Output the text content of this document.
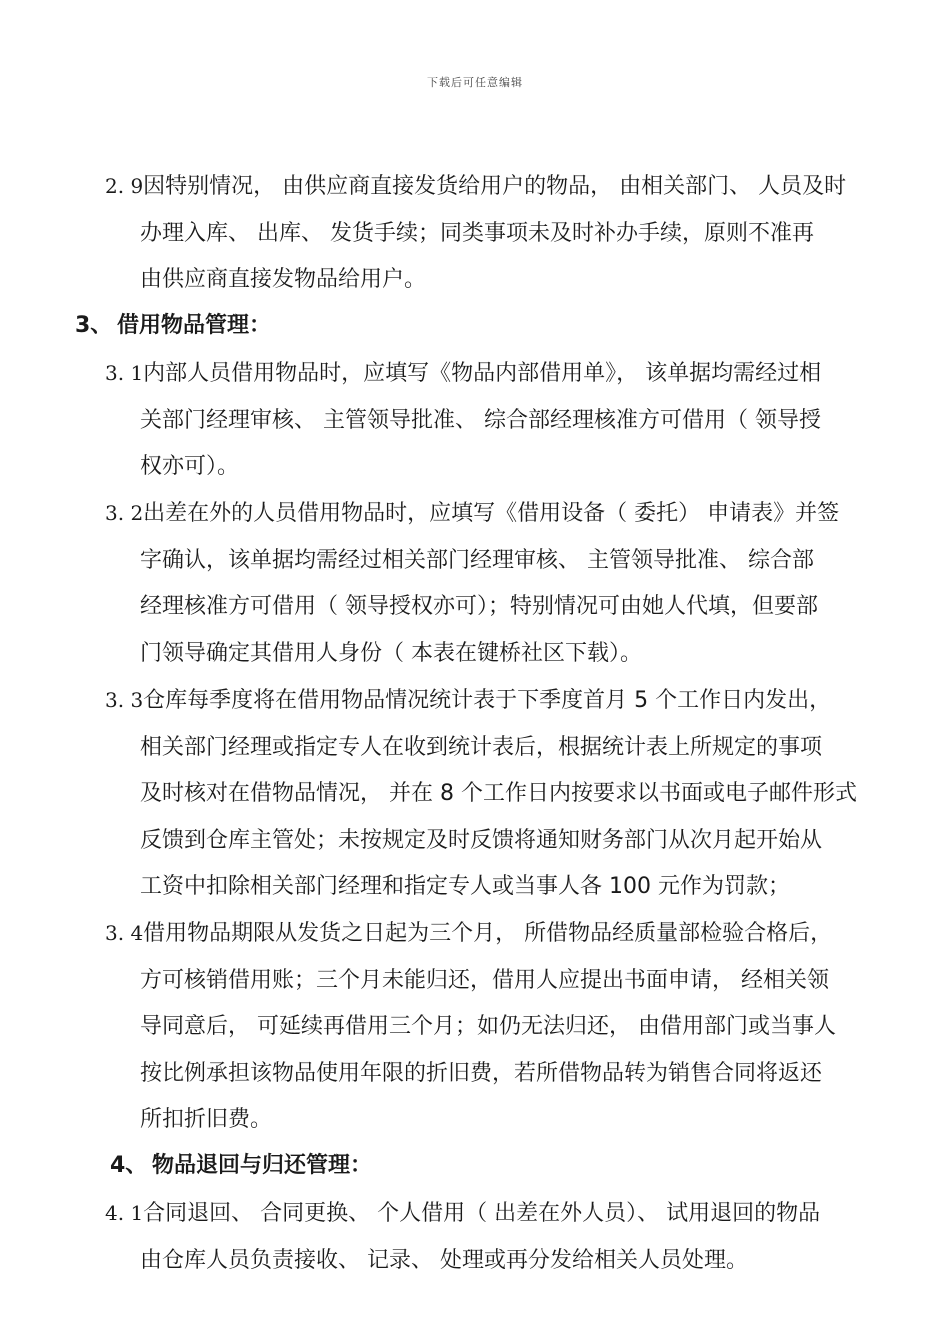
下载后可任意编辑
2. 9因特别情况， 由供应商直接发货给用户的物品， 由相关部门、 人员及时
办理入库、 出库、 发货手续；同类事项未及时补办手续，原则不准再
由供应商直接发物品给用户。
3、 借用物品管理：
3. 1内部人员借用物品时，应填写《物品内部借用单》， 该单据均需经过相
关部门经理审核、 主管领导批准、 综合部经理核准方可借用（ 领导授
权亦可）。
3. 2出差在外的人员借用物品时，应填写《借用设备（ 委托） 申请表》并签
字确认，该单据均需经过相关部门经理审核、 主管领导批准、 综合部
经理核准方可借用（ 领导授权亦可）；特别情况可由她人代填，但要部
门领导确定其借用人身份（ 本表在键桥社区下载）。
3. 3仓库每季度将在借用物品情况统计表于下季度首月 5 个工作日内发出，
相关部门经理或指定专人在收到统计表后，根据统计表上所规定的事项
及时核对在借物品情况， 并在 8 个工作日内按要求以书面或电子邮件形式
反馈到仓库主管处；未按规定及时反馈将通知财务部门从次月起开始从
工资中扣除相关部门经理和指定专人或当事人各 100 元作为罚款；
3. 4借用物品期限从发货之日起为三个月， 所借物品经质量部检验合格后，
方可核销借用账；三个月未能归还，借用人应提出书面申请， 经相关领
导同意后， 可延续再借用三个月；如仍无法归还， 由借用部门或当事人
按比例承担该物品使用年限的折旧费，若所借物品转为销售合同将返还
所扣折旧费。
4、 物品退回与归还管理：
4. 1合同退回、 合同更换、 个人借用（ 出差在外人员）、 试用退回的物品
由仓库人员负责接收、 记录、 处理或再分发给相关人员处理。
